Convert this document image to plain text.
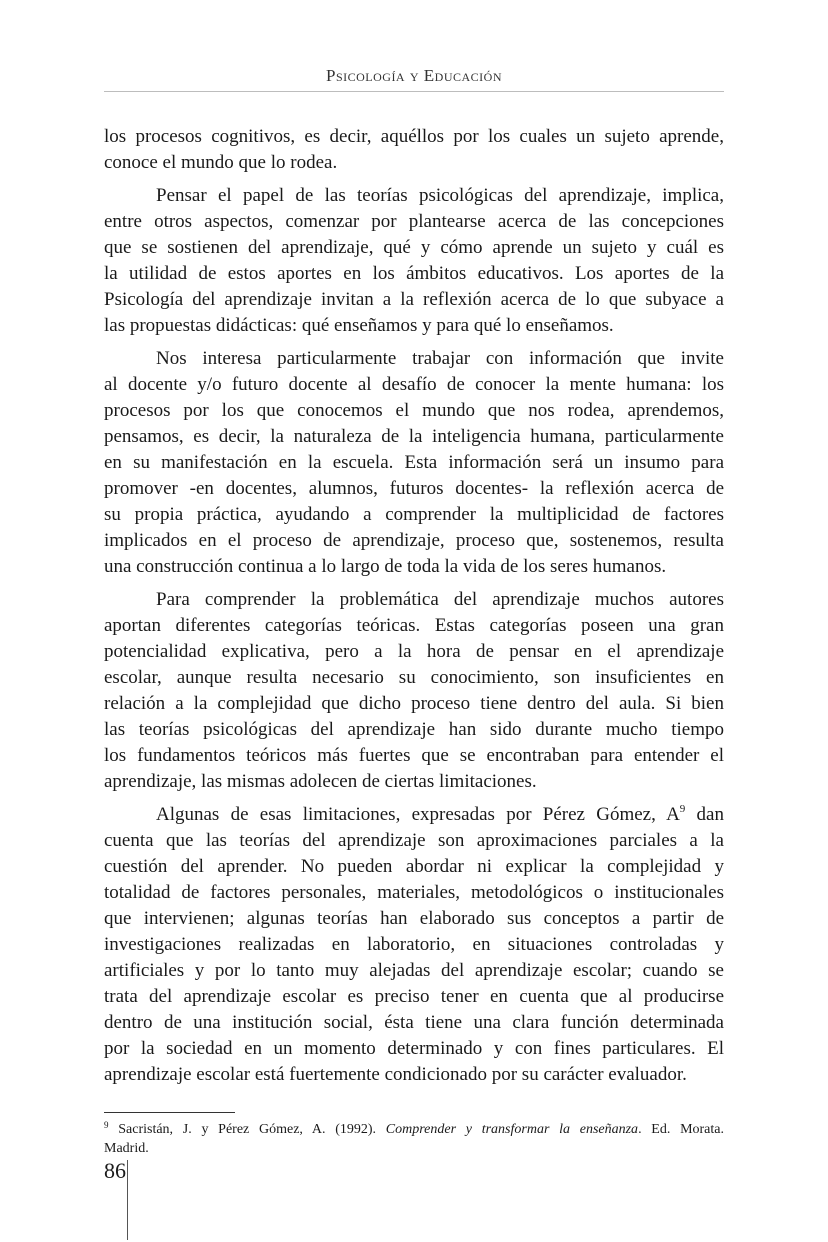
Psicología y Educación
los procesos cognitivos, es decir, aquéllos por los cuales un sujeto aprende,
conoce el mundo que lo rodea.
Pensar el papel de las teorías psicológicas del aprendizaje, implica,
entre otros aspectos, comenzar por plantearse acerca de las concepciones
que se sostienen del aprendizaje, qué y cómo aprende un sujeto y cuál es
la utilidad de estos aportes en los ámbitos educativos. Los aportes de la
Psicología del aprendizaje invitan a la reflexión acerca de lo que subyace a
las propuestas didácticas: qué enseñamos y para qué lo enseñamos.
Nos interesa particularmente trabajar con información que invite
al docente y/o futuro docente al desafío de conocer la mente humana: los
procesos por los que conocemos el mundo que nos rodea, aprendemos,
pensamos, es decir, la naturaleza de la inteligencia humana, particularmente
en su manifestación en la escuela. Esta información será un insumo para
promover -en docentes, alumnos, futuros docentes- la reflexión acerca de
su propia práctica, ayudando a comprender la multiplicidad de factores
implicados en el proceso de aprendizaje, proceso que, sostenemos, resulta
una construcción continua a lo largo de toda la vida de los seres humanos.
Para comprender la problemática del aprendizaje muchos autores
aportan diferentes categorías teóricas. Estas categorías poseen una gran
potencialidad explicativa, pero a la hora de pensar en el aprendizaje
escolar, aunque resulta necesario su conocimiento, son insuficientes en
relación a la complejidad que dicho proceso tiene dentro del aula. Si bien
las teorías psicológicas del aprendizaje han sido durante mucho tiempo
los fundamentos teóricos más fuertes que se encontraban para entender el
aprendizaje, las mismas adolecen de ciertas limitaciones.
Algunas de esas limitaciones, expresadas por Pérez Gómez, $A^9$ dan
cuenta que las teorías del aprendizaje son aproximaciones parciales a la
cuestión del aprender. No pueden abordar ni explicar la complejidad y
totalidad de factores personales, materiales, metodológicos o institucionales
que intervienen; algunas teorías han elaborado sus conceptos a partir de
investigaciones realizadas en laboratorio, en situaciones controladas y
artificiales y por lo tanto muy alejadas del aprendizaje escolar; cuando se
trata del aprendizaje escolar es preciso tener en cuenta que al producirse
dentro de una institución social, ésta tiene una clara función determinada
por la sociedad en un momento determinado y con fines particulares. El
aprendizaje escolar está fuertemente condicionado por su carácter evaluador.
$^9$ Sacristán, J. y Pérez Gómez, A. (1992). Comprender y transformar la enseñanza. Ed. Morata.
Madrid.
86
